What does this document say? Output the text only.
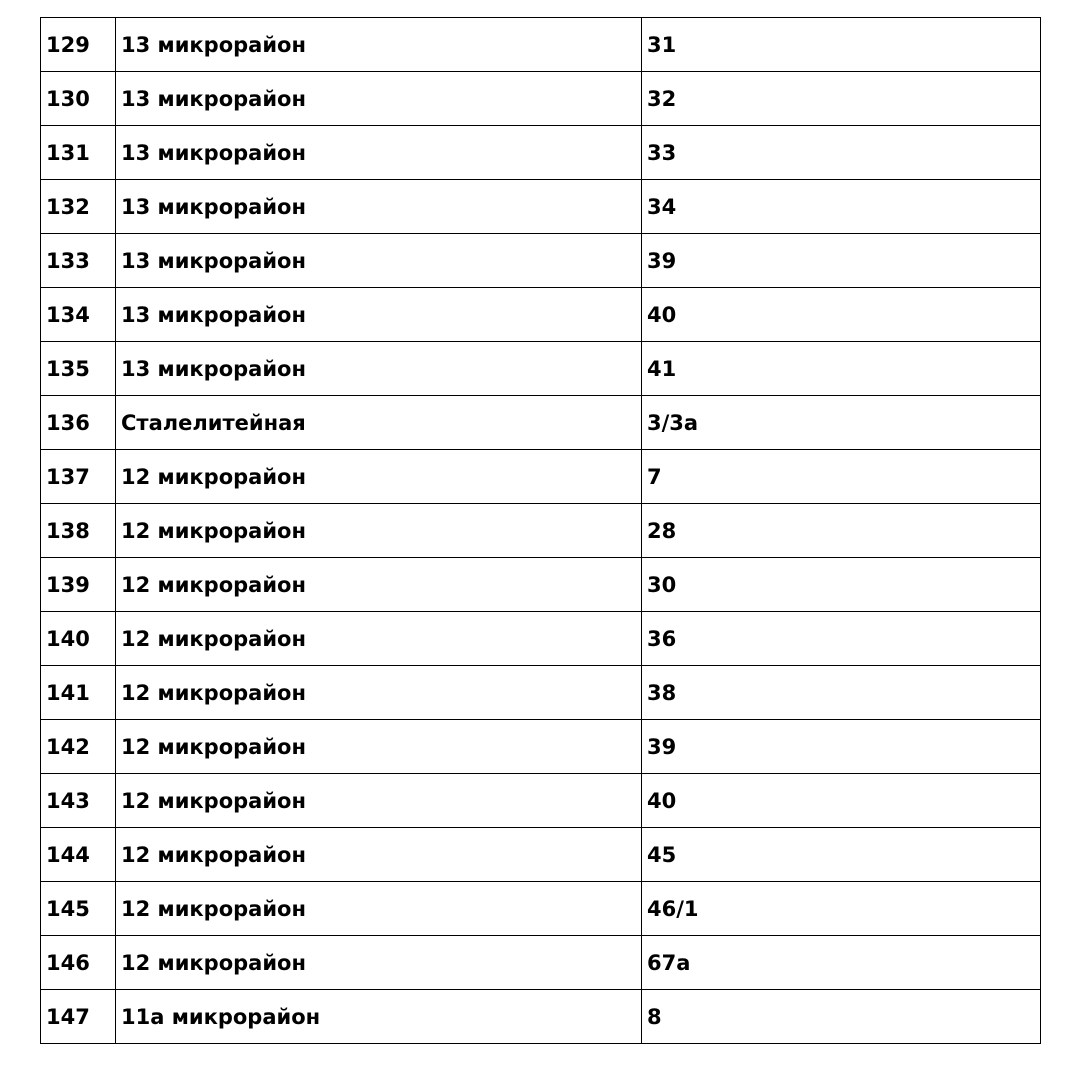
129	13 микрорайон	31
130	13 микрорайон	32
131	13 микрорайон	33
132	13 микрорайон	34
133	13 микрорайон	39
134	13 микрорайон	40
135	13 микрорайон	41
136	Сталелитейная	3/3а
137	12 микрорайон	7
138	12 микрорайон	28
139	12 микрорайон	30
140	12 микрорайон	36
141	12 микрорайон	38
142	12 микрорайон	39
143	12 микрорайон	40
144	12 микрорайон	45
145	12 микрорайон	46/1
146	12 микрорайон	67а
147	11а микрорайон	8
